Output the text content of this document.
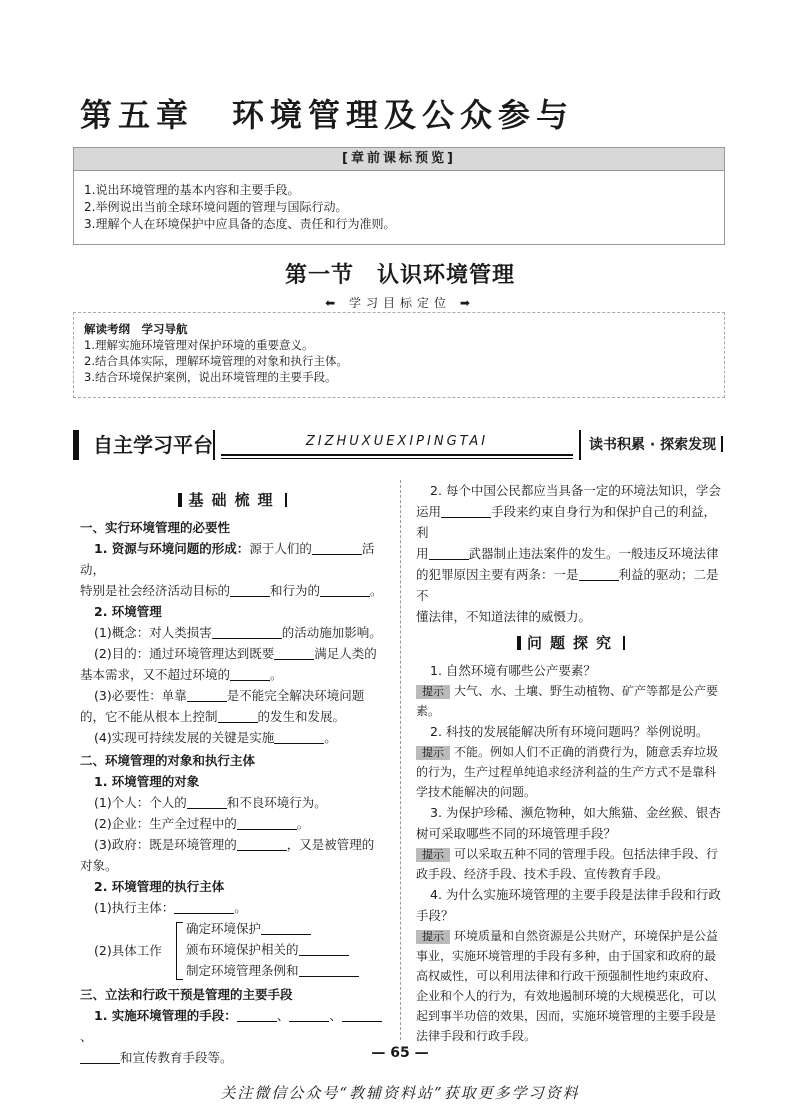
第五章　环境管理及公众参与
[章前课标预览]
1.说出环境管理的基本内容和主要手段。
2.举例说出当前全球环境问题的管理与国际行动。
3.理解个人在环境保护中应具备的态度、责任和行为准则。
第一节　认识环境管理
⬅ 学习目标定位 ➡
解读考纲　学习导航
1.理解实施环境管理对保护环境的重要意义。
2.结合具体实际，理解环境管理的对象和执行主体。
3.结合环境保护案例，说出环境管理的主要手段。
自主学习平台	ZIZHUXUEXIPINGTAI	读书积累 · 探索发现
基础梳理
一、实行环境管理的必要性
1. 资源与环境问题的形成：源于人们的	活动，
特别是社会经济活动目标的	和行为的	。
2. 环境管理
(1)概念：对人类损害	的活动施加影响。
(2)目的：通过环境管理达到既要	满足人类的
基本需求，又不超过环境的	。
(3)必要性：单靠	是不能完全解决环境问题
的，它不能从根本上控制	的发生和发展。
(4)实现可持续发展的关键是实施	。
二、环境管理的对象和执行主体
1. 环境管理的对象
(1)个人：个人的	和不良环境行为。
(2)企业：生产全过程中的	。
(3)政府：既是环境管理的	，又是被管理的
对象。
2. 环境管理的执行主体
(1)执行主体：	。
(2)具体工作
确定环境保护
颁布环境保护相关的
制定环境管理条例和
三、立法和行政干预是管理的主要手段
1. 实施环境管理的手段：	、	、、
和宣传教育手段等。
2. 每个中国公民都应当具备一定的环境法知识，学会
运用	手段来约束自身行为和保护自己的利益，利
用	武器制止违法案件的发生。一般违反环境法律
的犯罪原因主要有两条：一是	利益的驱动；二是不
懂法律，不知道法律的威慑力。
问题探究
1. 自然环境有哪些公产要素？
提示 大气、水、土壤、野生动植物、矿产等都是公产要素。
2. 科技的发展能解决所有环境问题吗？举例说明。
提示 不能。例如人们不正确的消费行为，随意丢弃垃圾的行为，生产过程单纯追求经济利益的生产方式不是靠科学技术能解决的问题。
3. 为保护珍稀、濒危物种，如大熊猫、金丝猴、银杏树可采取哪些不同的环境管理手段？
提示 可以采取五种不同的管理手段。包括法律手段、行政手段、经济手段、技术手段、宣传教育手段。
4. 为什么实施环境管理的主要手段是法律手段和行政手段？
提示 环境质量和自然资源是公共财产，环境保护是公益事业，实施环境管理的手段有多种，由于国家和政府的最高权威性，可以利用法律和行政干预强制性地约束政府、企业和个人的行为，有效地遏制环境的大规模恶化，可以起到事半功倍的效果，因而，实施环境管理的主要手段是法律手段和行政手段。
— 65 —
关注微信公众号“教辅资料站”获取更多学习资料
